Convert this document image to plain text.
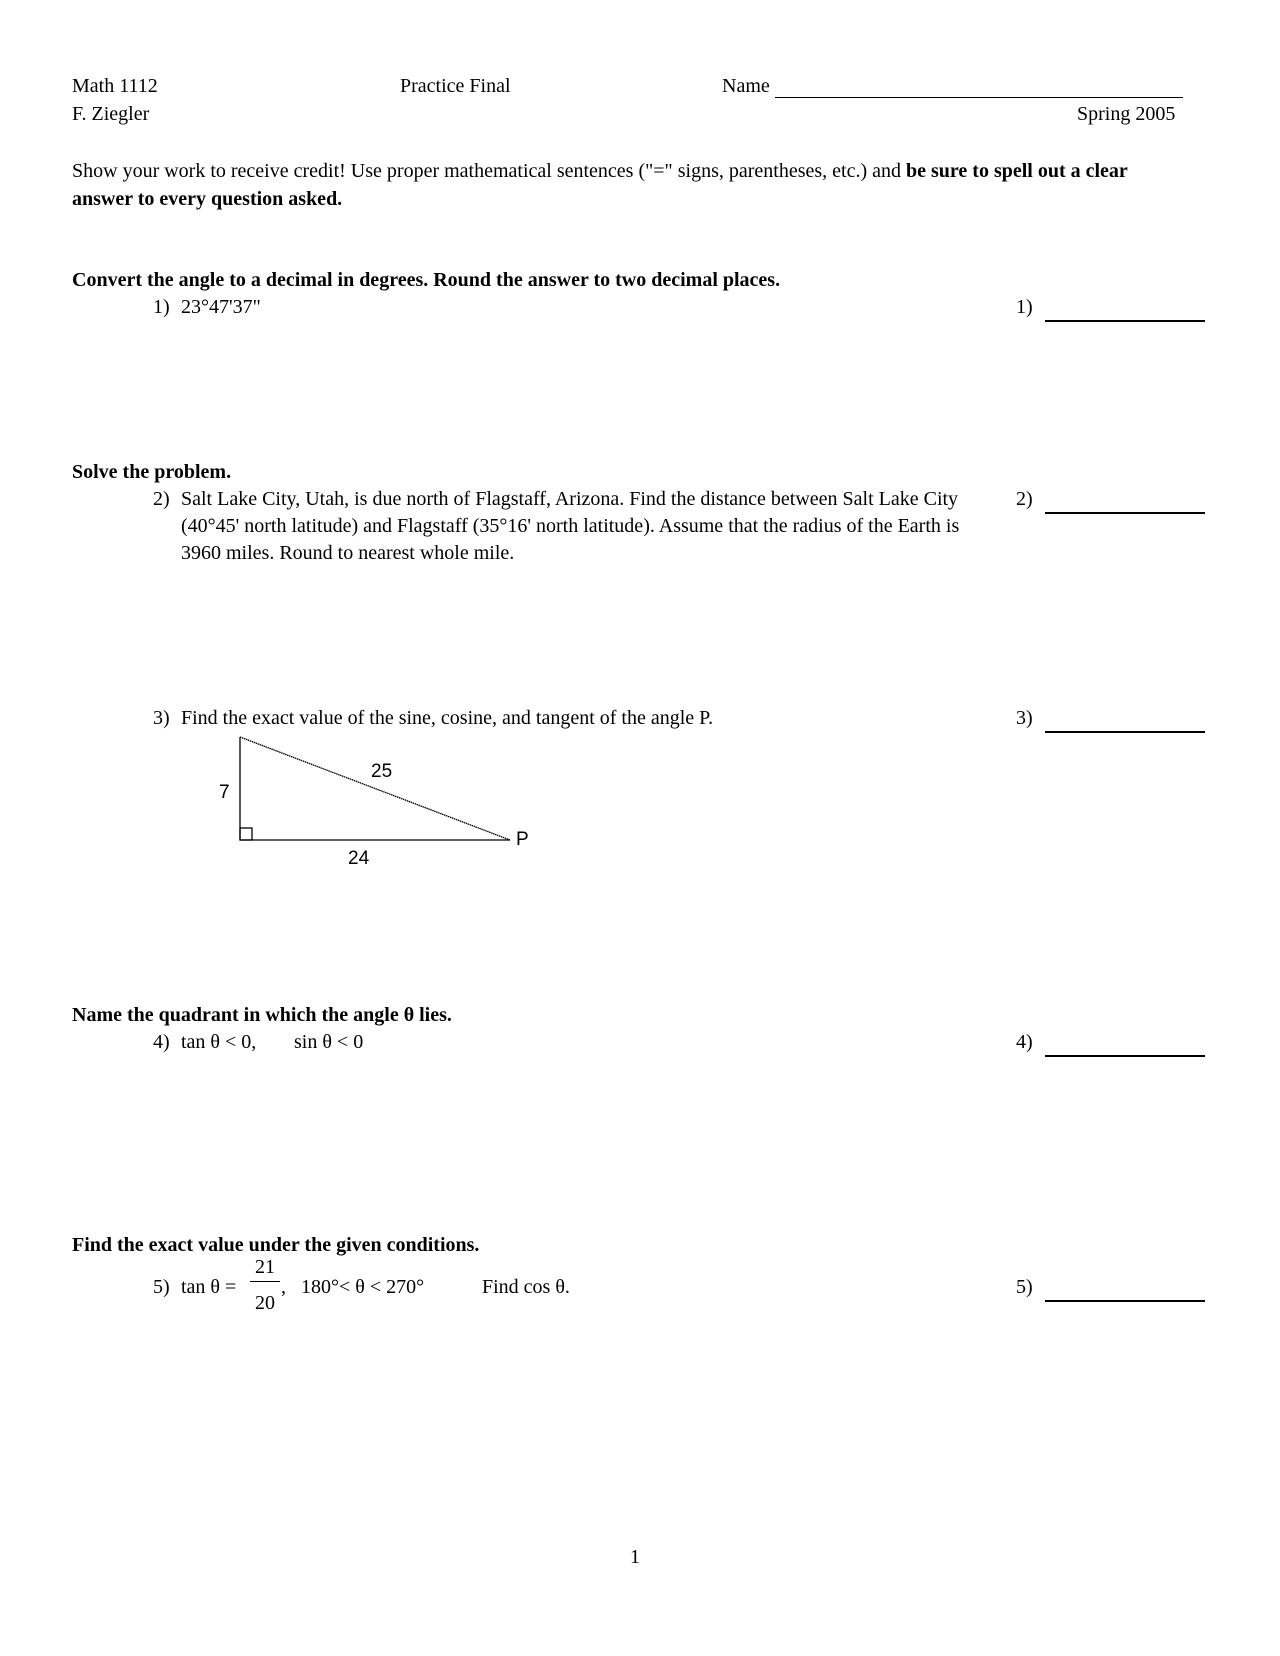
Math 1112	Practice Final	Name
F. Ziegler	Spring 2005
Show your work to receive credit! Use proper mathematical sentences ("=" signs, parentheses, etc.) and be sure to spell out a clear answer to every question asked.
Convert the angle to a decimal in degrees. Round the answer to two decimal places.
1) 23°47'37"	1)
Solve the problem.
2) Salt Lake City, Utah, is due north of Flagstaff, Arizona. Find the distance between Salt Lake City (40°45' north latitude) and Flagstaff (35°16' north latitude). Assume that the radius of the Earth is 3960 miles. Round to nearest whole mile.
2)
3) Find the exact value of the sine, cosine, and tangent of the angle P.	3)
7
25
24
P
Name the quadrant in which the angle θ lies.
4) tan θ < 0, sin θ < 0	4)
Find the exact value under the given conditions.
5) tan θ =
21
20
, 180°< θ < 270°	Find cos θ.	5)
1
